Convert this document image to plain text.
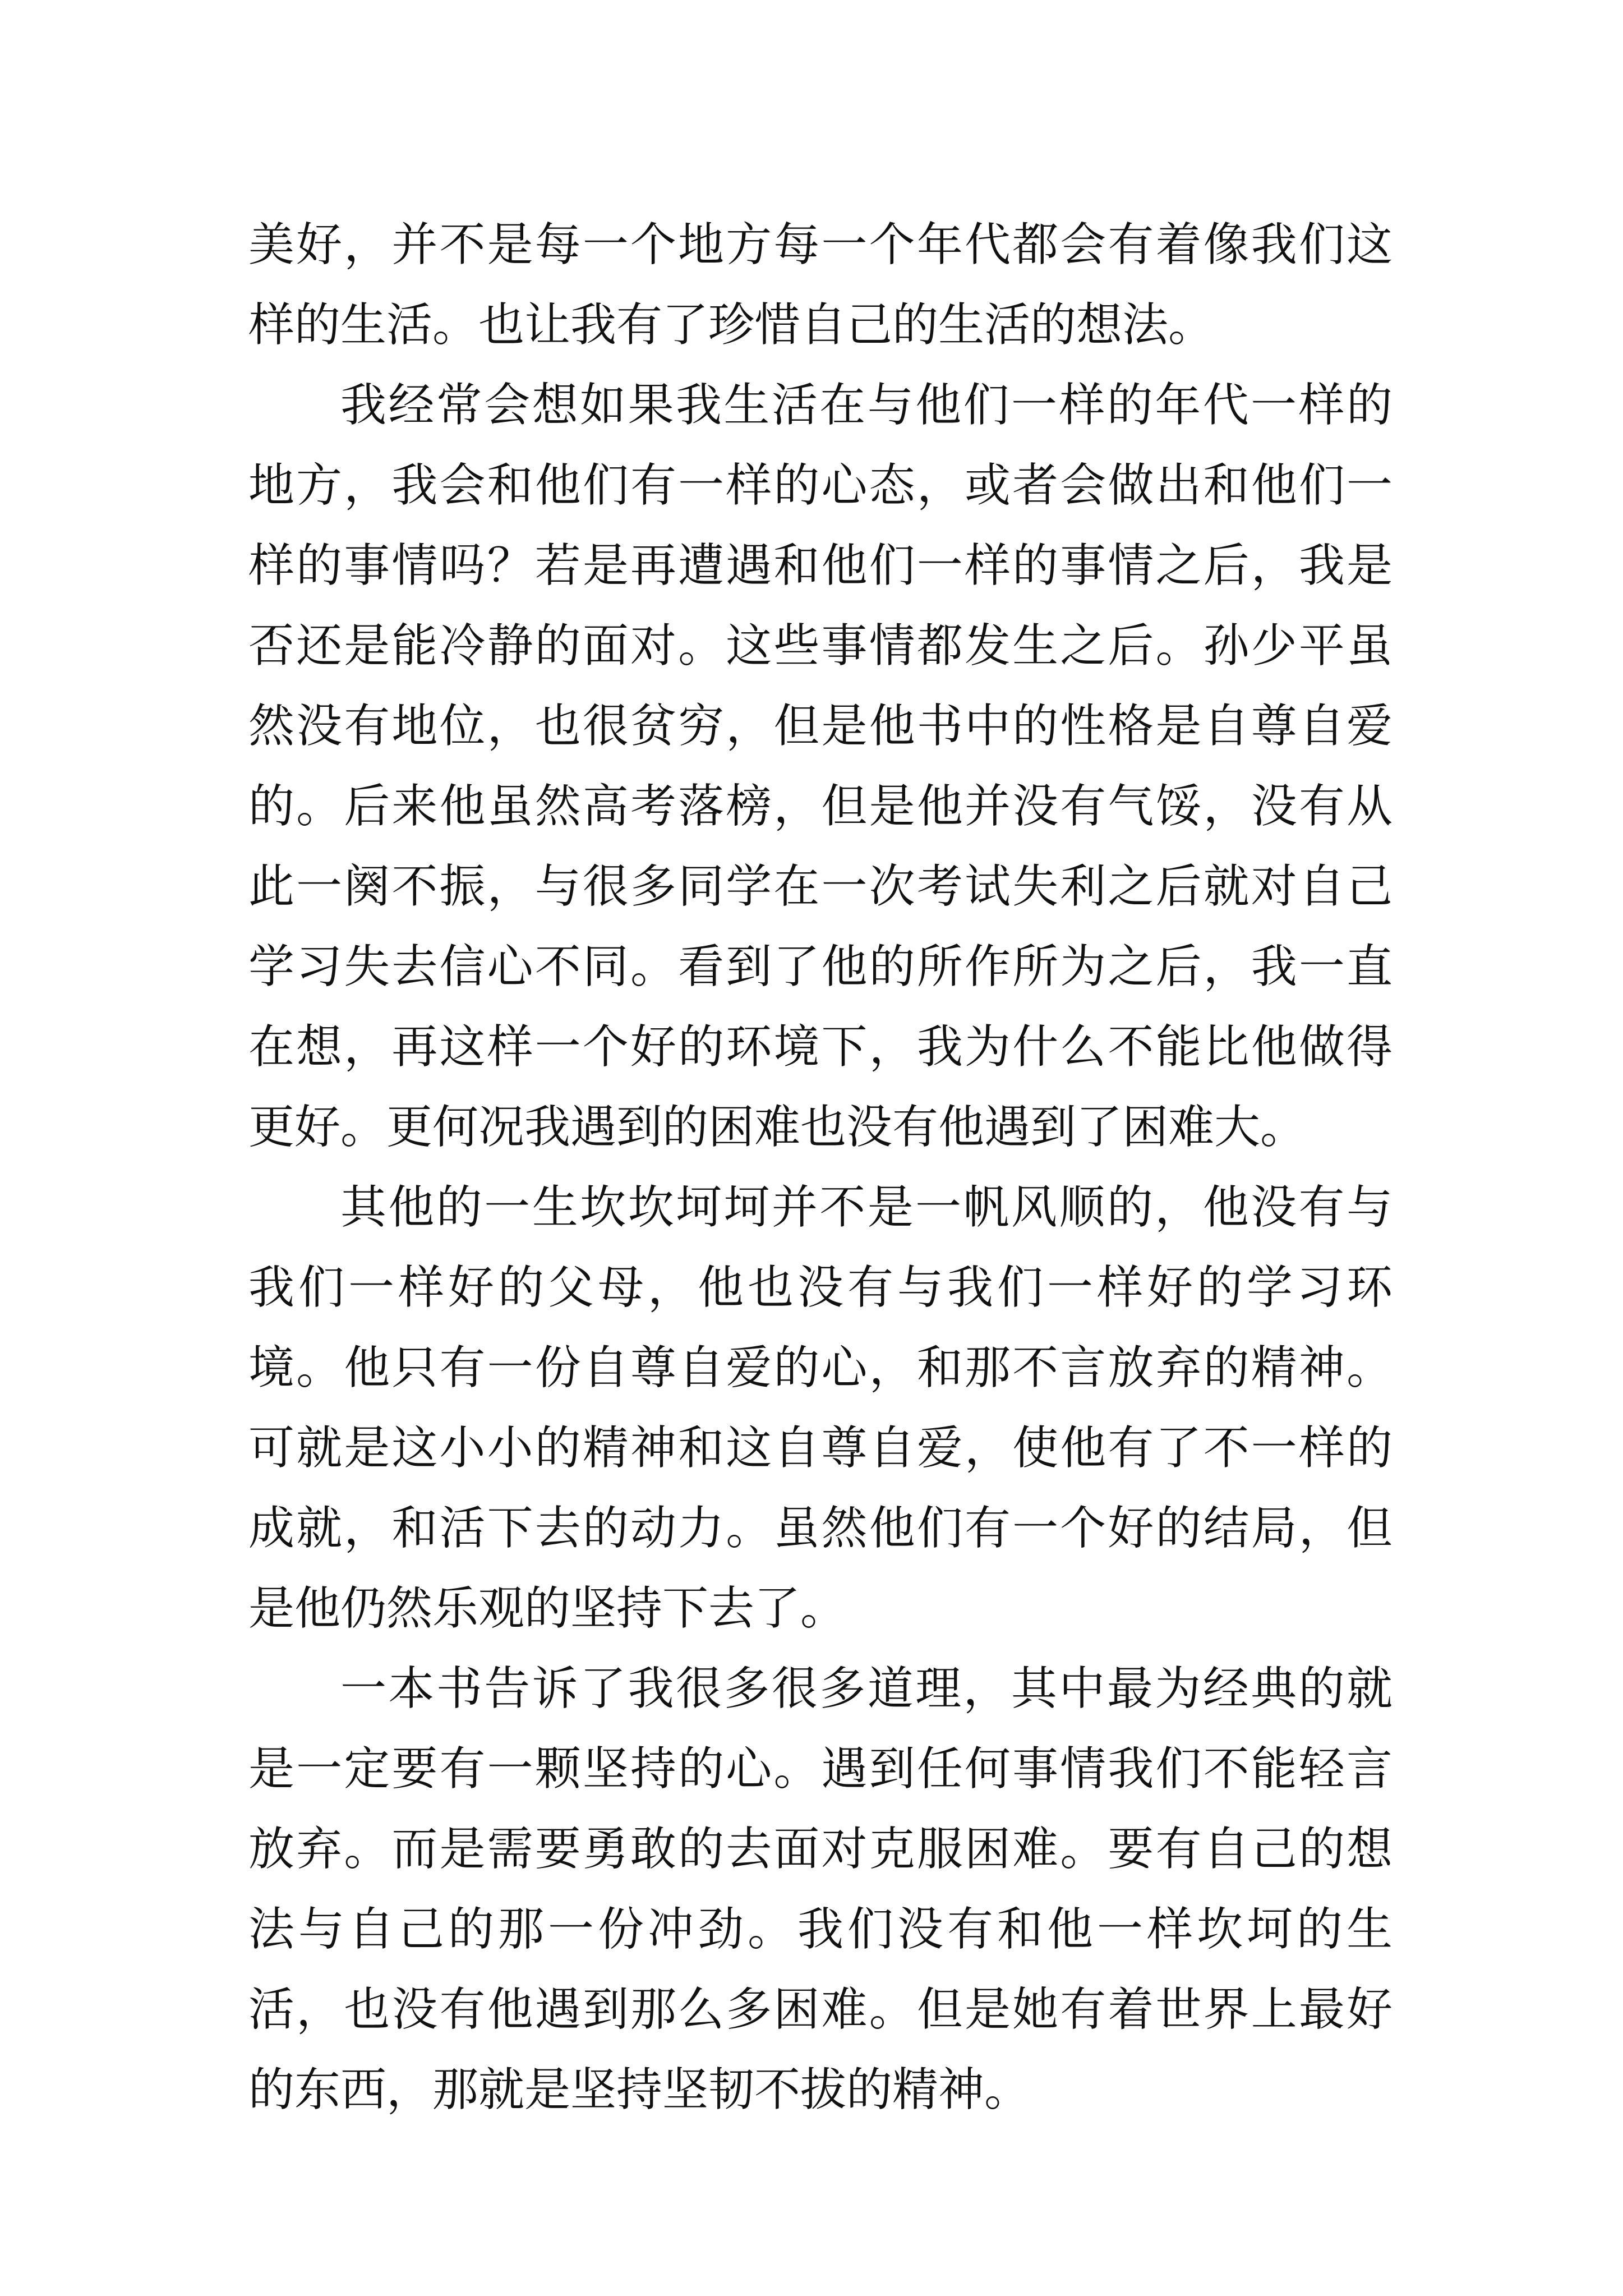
美好，并不是每一个地方每一个年代都会有着像我们这样的生活。也让我有了珍惜自己的生活的想法。

我经常会想如果我生活在与他们一样的年代一样的地方，我会和他们有一样的心态，或者会做出和他们一样的事情吗？若是再遭遇和他们一样的事情之后，我是否还是能冷静的面对。这些事情都发生之后。孙少平虽然没有地位，也很贫穷，但是他书中的性格是自尊自爱的。后来他虽然高考落榜，但是他并没有气馁，没有从此一阕不振，与很多同学在一次考试失利之后就对自己学习失去信心不同。看到了他的所作所为之后，我一直在想，再这样一个好的环境下，我为什么不能比他做得更好。更何况我遇到的困难也没有他遇到了困难大。

其他的一生坎坎坷坷并不是一帆风顺的，他没有与我们一样好的父母，他也没有与我们一样好的学习环境。他只有一份自尊自爱的心，和那不言放弃的精神。可就是这小小的精神和这自尊自爱，使他有了不一样的成就，和活下去的动力。虽然他们有一个好的结局，但是他仍然乐观的坚持下去了。

一本书告诉了我很多很多道理，其中最为经典的就是一定要有一颗坚持的心。遇到任何事情我们不能轻言放弃。而是需要勇敢的去面对克服困难。要有自己的想法与自己的那一份冲劲。我们没有和他一样坎坷的生活，也没有他遇到那么多困难。但是她有着世界上最好的东西，那就是坚持坚韧不拔的精神。
